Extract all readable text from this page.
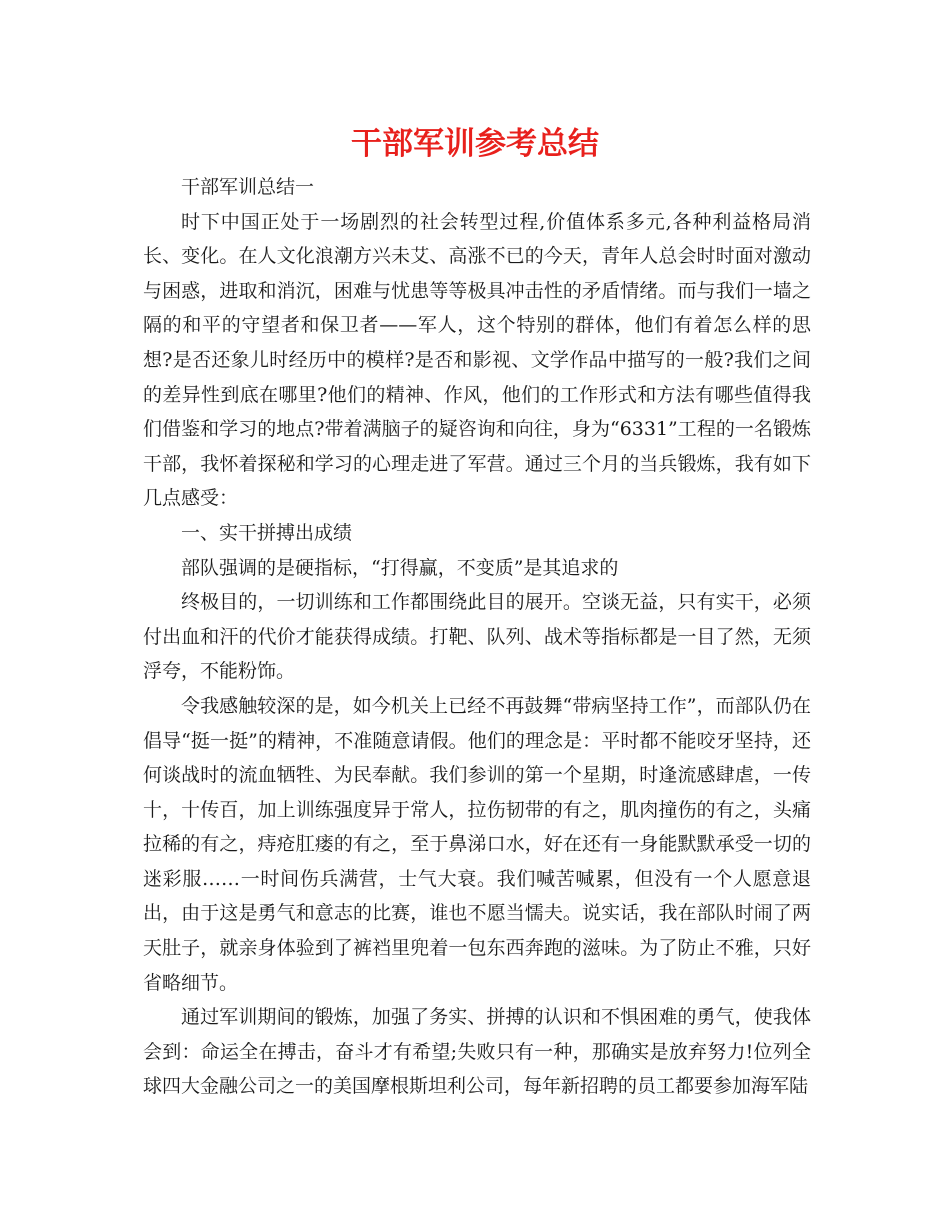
干部军训参考总结

干部军训总结一

时下中国正处于一场剧烈的社会转型过程,价值体系多元,各种利益格局消长、变化。在人文化浪潮方兴未艾、高涨不已的今天，青年人总会时时面对激动与困惑，进取和消沉，困难与忧患等等极具冲击性的矛盾情绪。而与我们一墙之隔的和平的守望者和保卫者——军人，这个特别的群体，他们有着怎么样的思想?是否还象儿时经历中的模样?是否和影视、文学作品中描写的一般?我们之间的差异性到底在哪里?他们的精神、作风，他们的工作形式和方法有哪些值得我们借鉴和学习的地点?带着满脑子的疑咨询和向往，身为“6331”工程的一名锻炼干部，我怀着探秘和学习的心理走进了军营。通过三个月的当兵锻炼，我有如下几点感受：

一、实干拼搏出成绩

部队强调的是硬指标，“打得赢，不变质”是其追求的

终极目的，一切训练和工作都围绕此目的展开。空谈无益，只有实干，必须付出血和汗的代价才能获得成绩。打靶、队列、战术等指标都是一目了然，无须浮夸，不能粉饰。

令我感触较深的是，如今机关上已经不再鼓舞“带病坚持工作”，而部队仍在倡导“挺一挺”的精神，不准随意请假。他们的理念是：平时都不能咬牙坚持，还何谈战时的流血牺牲、为民奉献。我们参训的第一个星期，时逢流感肆虐，一传十，十传百，加上训练强度异于常人，拉伤韧带的有之，肌肉撞伤的有之，头痛拉稀的有之，痔疮肛瘘的有之，至于鼻涕口水，好在还有一身能默默承受一切的迷彩服……一时间伤兵满营，士气大衰。我们喊苦喊累，但没有一个人愿意退出，由于这是勇气和意志的比赛，谁也不愿当懦夫。说实话，我在部队时闹了两天肚子，就亲身体验到了裤裆里兜着一包东西奔跑的滋味。为了防止不雅，只好省略细节。

通过军训期间的锻炼，加强了务实、拼搏的认识和不惧困难的勇气，使我体会到：命运全在搏击，奋斗才有希望;失败只有一种，那确实是放弃努力!位列全球四大金融公司之一的美国摩根斯坦利公司，每年新招聘的员工都要参加海军陆
